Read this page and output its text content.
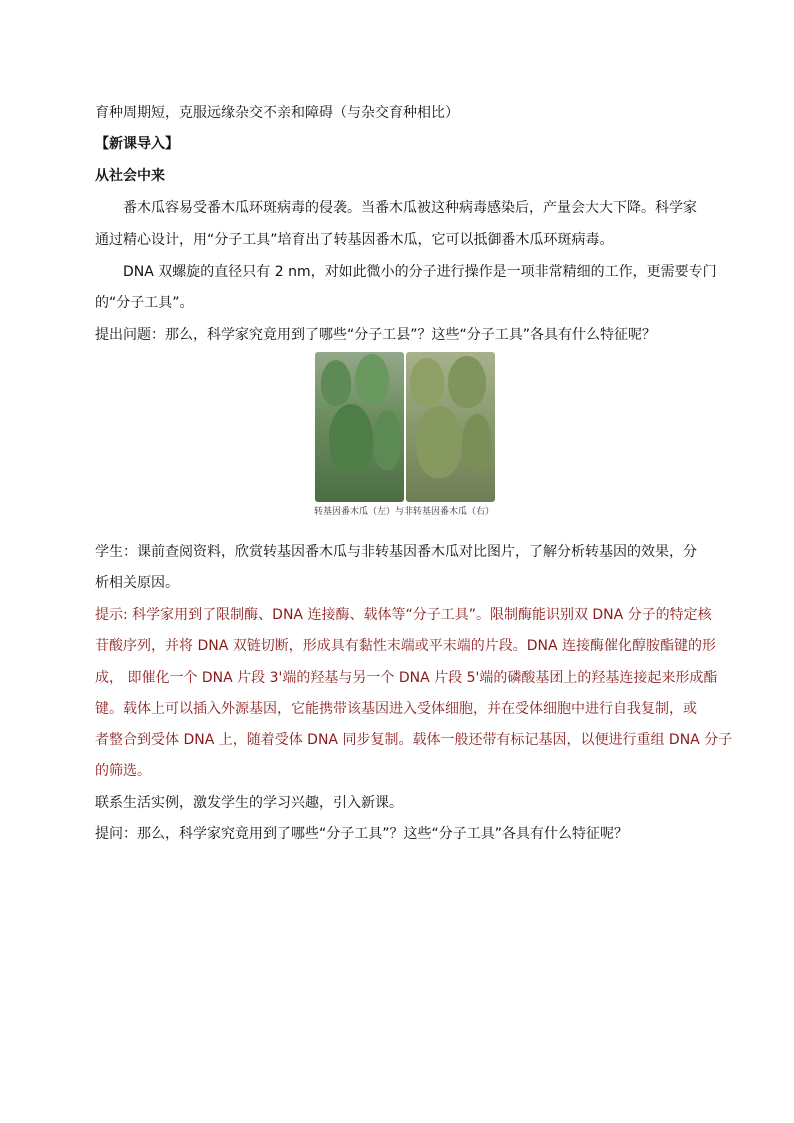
育种周期短，克服远缘杂交不亲和障碍（与杂交育种相比）
【新课导入】
从社会中来
番木瓜容易受番木瓜环斑病毒的侵袭。当番木瓜被这种病毒感染后，产量会大大下降。科学家
通过精心设计，用“分子工具”培育出了转基因番木瓜，它可以抵御番木瓜环斑病毒。
DNA 双螺旋的直径只有 2 nm，对如此微小的分子进行操作是一项非常精细的工作，更需要专门
的“分子工具”。
提出问题：那么，科学家究竟用到了哪些“分子工县”？这些“分子工具”各具有什么特征呢？
转基因番木瓜（左）与非转基因番木瓜（右）
学生：课前查阅资料，欣赏转基因番木瓜与非转基因番木瓜对比图片，了解分析转基因的效果，分
析相关原因。
提示: 科学家用到了限制酶、DNA 连接酶、载体等“分子工具”。限制酶能识别双 DNA 分子的特定核
苷酸序列，并将 DNA 双链切断，形成具有黏性末端或平末端的片段。DNA 连接酶催化醇胺酯键的形
成， 即催化一个 DNA 片段 3'端的羟基与另一个 DNA 片段 5'端的磷酸基团上的羟基连接起来形成酯
键。载体上可以插入外源基因，它能携带该基因进入受体细胞，并在受体细胞中进行自我复制，或
者整合到受体 DNA 上，随着受体 DNA 同步复制。载体一般还带有标记基因，以便进行重组 DNA 分子
的筛选。
联系生活实例，激发学生的学习兴趣，引入新课。
提问：那么，科学家究竟用到了哪些“分子工具”？这些“分子工具”各具有什么特征呢？
